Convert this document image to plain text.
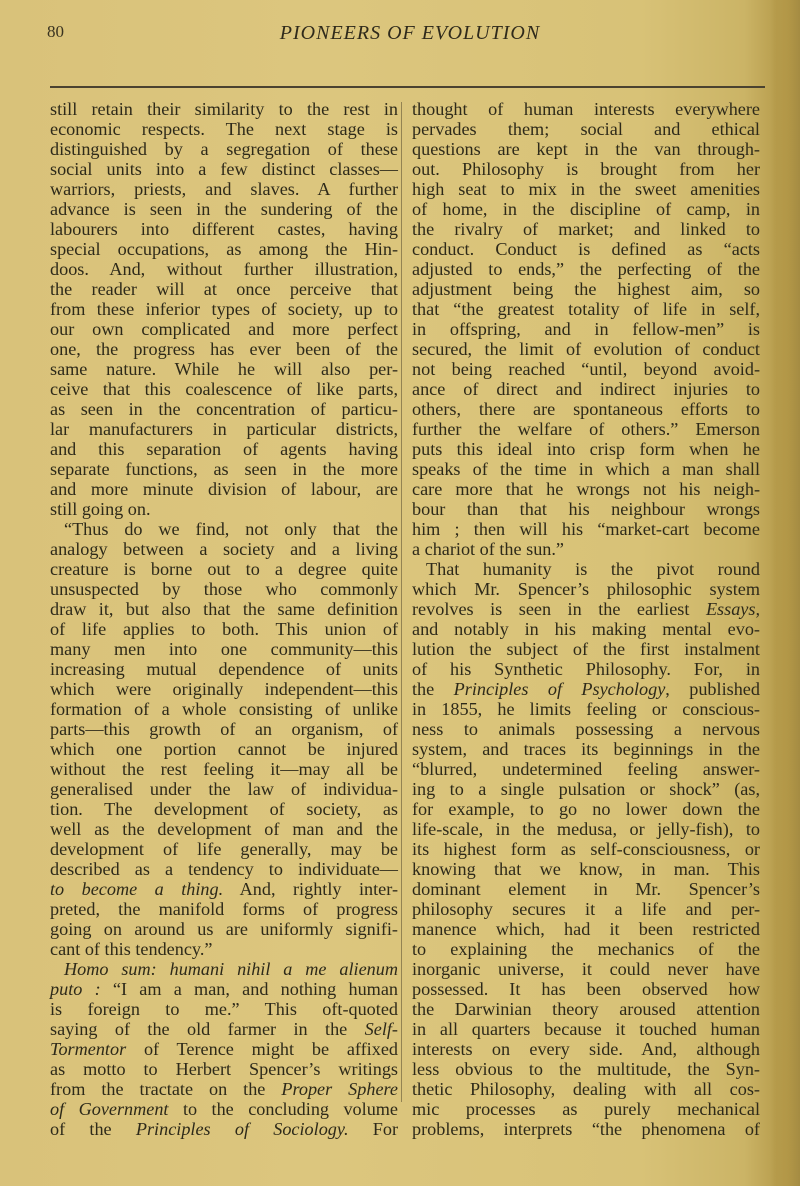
80	PIONEERS OF EVOLUTION
still retain their similarity to the rest in
economic respects. The next stage is
distinguished by a segregation of these
social units into a few distinct classes—
warriors, priests, and slaves. A further
advance is seen in the sundering of the
labourers into different castes, having
special occupations, as among the Hin-
doos. And, without further illustration,
the reader will at once perceive that
from these inferior types of society, up to
our own complicated and more perfect
one, the progress has ever been of the
same nature. While he will also per-
ceive that this coalescence of like parts,
as seen in the concentration of particu-
lar manufacturers in particular districts,
and this separation of agents having
separate functions, as seen in the more
and more minute division of labour, are
still going on.
“Thus do we find, not only that the
analogy between a society and a living
creature is borne out to a degree quite
unsuspected by those who commonly
draw it, but also that the same definition
of life applies to both. This union of
many men into one community—this
increasing mutual dependence of units
which were originally independent—this
formation of a whole consisting of unlike
parts—this growth of an organism, of
which one portion cannot be injured
without the rest feeling it—may all be
generalised under the law of individua-
tion. The development of society, as
well as the development of man and the
development of life generally, may be
described as a tendency to individuate—
to become a thing. And, rightly inter-
preted, the manifold forms of progress
going on around us are uniformly signifi-
cant of this tendency.”
Homo sum: humani nihil a me alienum
puto : “I am a man, and nothing human
is foreign to me.” This oft-quoted
saying of the old farmer in the Self-
Tormentor of Terence might be affixed
as motto to Herbert Spencer’s writings
from the tractate on the Proper Sphere
of Government to the concluding volume
of the Principles of Sociology. For
thought of human interests everywhere
pervades them; social and ethical
questions are kept in the van through-
out. Philosophy is brought from her
high seat to mix in the sweet amenities
of home, in the discipline of camp, in
the rivalry of market; and linked to
conduct. Conduct is defined as “acts
adjusted to ends,” the perfecting of the
adjustment being the highest aim, so
that “the greatest totality of life in self,
in offspring, and in fellow-men” is
secured, the limit of evolution of conduct
not being reached “until, beyond avoid-
ance of direct and indirect injuries to
others, there are spontaneous efforts to
further the welfare of others.” Emerson
puts this ideal into crisp form when he
speaks of the time in which a man shall
care more that he wrongs not his neigh-
bour than that his neighbour wrongs
him ; then will his “market-cart become
a chariot of the sun.”
That humanity is the pivot round
which Mr. Spencer’s philosophic system
revolves is seen in the earliest Essays,
and notably in his making mental evo-
lution the subject of the first instalment
of his Synthetic Philosophy. For, in
the Principles of Psychology, published
in 1855, he limits feeling or conscious-
ness to animals possessing a nervous
system, and traces its beginnings in the
“blurred, undetermined feeling answer-
ing to a single pulsation or shock” (as,
for example, to go no lower down the
life-scale, in the medusa, or jelly-fish), to
its highest form as self-consciousness, or
knowing that we know, in man. This
dominant element in Mr. Spencer’s
philosophy secures it a life and per-
manence which, had it been restricted
to explaining the mechanics of the
inorganic universe, it could never have
possessed. It has been observed how
the Darwinian theory aroused attention
in all quarters because it touched human
interests on every side. And, although
less obvious to the multitude, the Syn-
thetic Philosophy, dealing with all cos-
mic processes as purely mechanical
problems, interprets “the phenomena of
